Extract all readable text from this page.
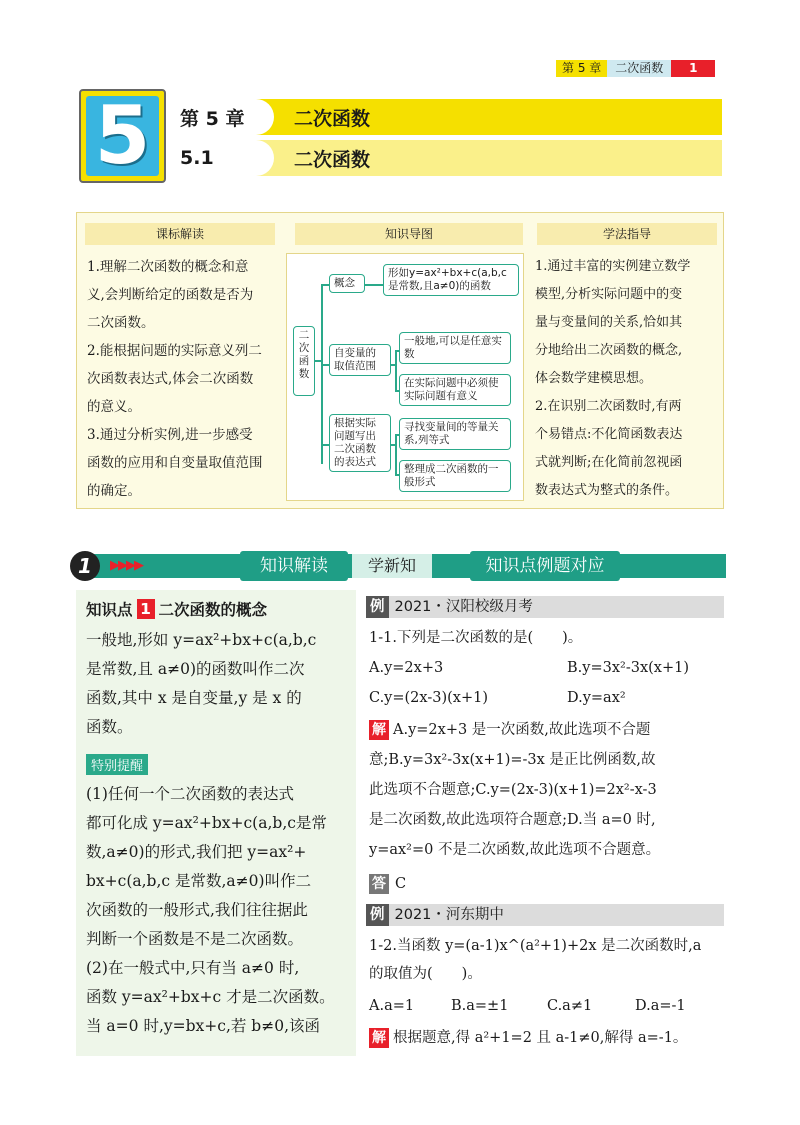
第 5 章	二次函数	1
5	第 5 章	二次函数
5.1	二次函数
课标解读
1.理解二次函数的概念和意
义,会判断给定的函数是否为
二次函数。
2.能根据问题的实际意义列二
次函数表达式,体会二次函数
的意义。
3.通过分析实例,进一步感受
函数的应用和自变量取值范围
的确定。
知识导图
二次函数
概念
自变量的取值范围
根据实际问题写出二次函数的表达式
形如y=ax²+bx+c(a,b,c是常数,且a≠0)的函数
一般地,可以是任意实数
在实际问题中必须使实际问题有意义
寻找变量间的等量关系,列等式
整理成二次函数的一般形式
学法指导
1.通过丰富的实例建立数学
模型,分析实际问题中的变
量与变量间的关系,恰如其
分地给出二次函数的概念,
体会数学建模思想。
2.在识别二次函数时,有两
个易错点:不化简函数表达
式就判断;在化简前忽视函
数表达式为整式的条件。
1	▶▶▶▶	知识解读	学新知	知识点例题对应
知识点 1 二次函数的概念
一般地,形如 y=ax²+bx+c(a,b,c
是常数,且 a≠0)的函数叫作二次
函数,其中 x 是自变量,y 是 x 的
函数。
特别提醒
(1)任何一个二次函数的表达式
都可化成 y=ax²+bx+c(a,b,c是常
数,a≠0)的形式,我们把 y=ax²+
bx+c(a,b,c 是常数,a≠0)叫作二
次函数的一般形式,我们往往据此
判断一个函数是不是二次函数。
(2)在一般式中,只有当 a≠0 时,
函数 y=ax²+bx+c 才是二次函数。
当 a=0 时,y=bx+c,若 b≠0,该函
例 2021・汉阳校级月考
1-1.下列是二次函数的是(　　)。
A.y=2x+3	B.y=3x²-3x(x+1)
C.y=(2x-3)(x+1)	D.y=ax²
解 A.y=2x+3 是一次函数,故此选项不合题
意;B.y=3x²-3x(x+1)=-3x 是正比例函数,故
此选项不合题意;C.y=(2x-3)(x+1)=2x²-x-3
是二次函数,故此选项符合题意;D.当 a=0 时,
y=ax²=0 不是二次函数,故此选项不合题意。
答 C
例 2021・河东期中
1-2.当函数 y=(a-1)x^(a²+1)+2x 是二次函数时,a
的取值为(　　)。
A.a=1	B.a=±1	C.a≠1	D.a=-1
解 根据题意,得 a²+1=2 且 a-1≠0,解得 a=-1。
